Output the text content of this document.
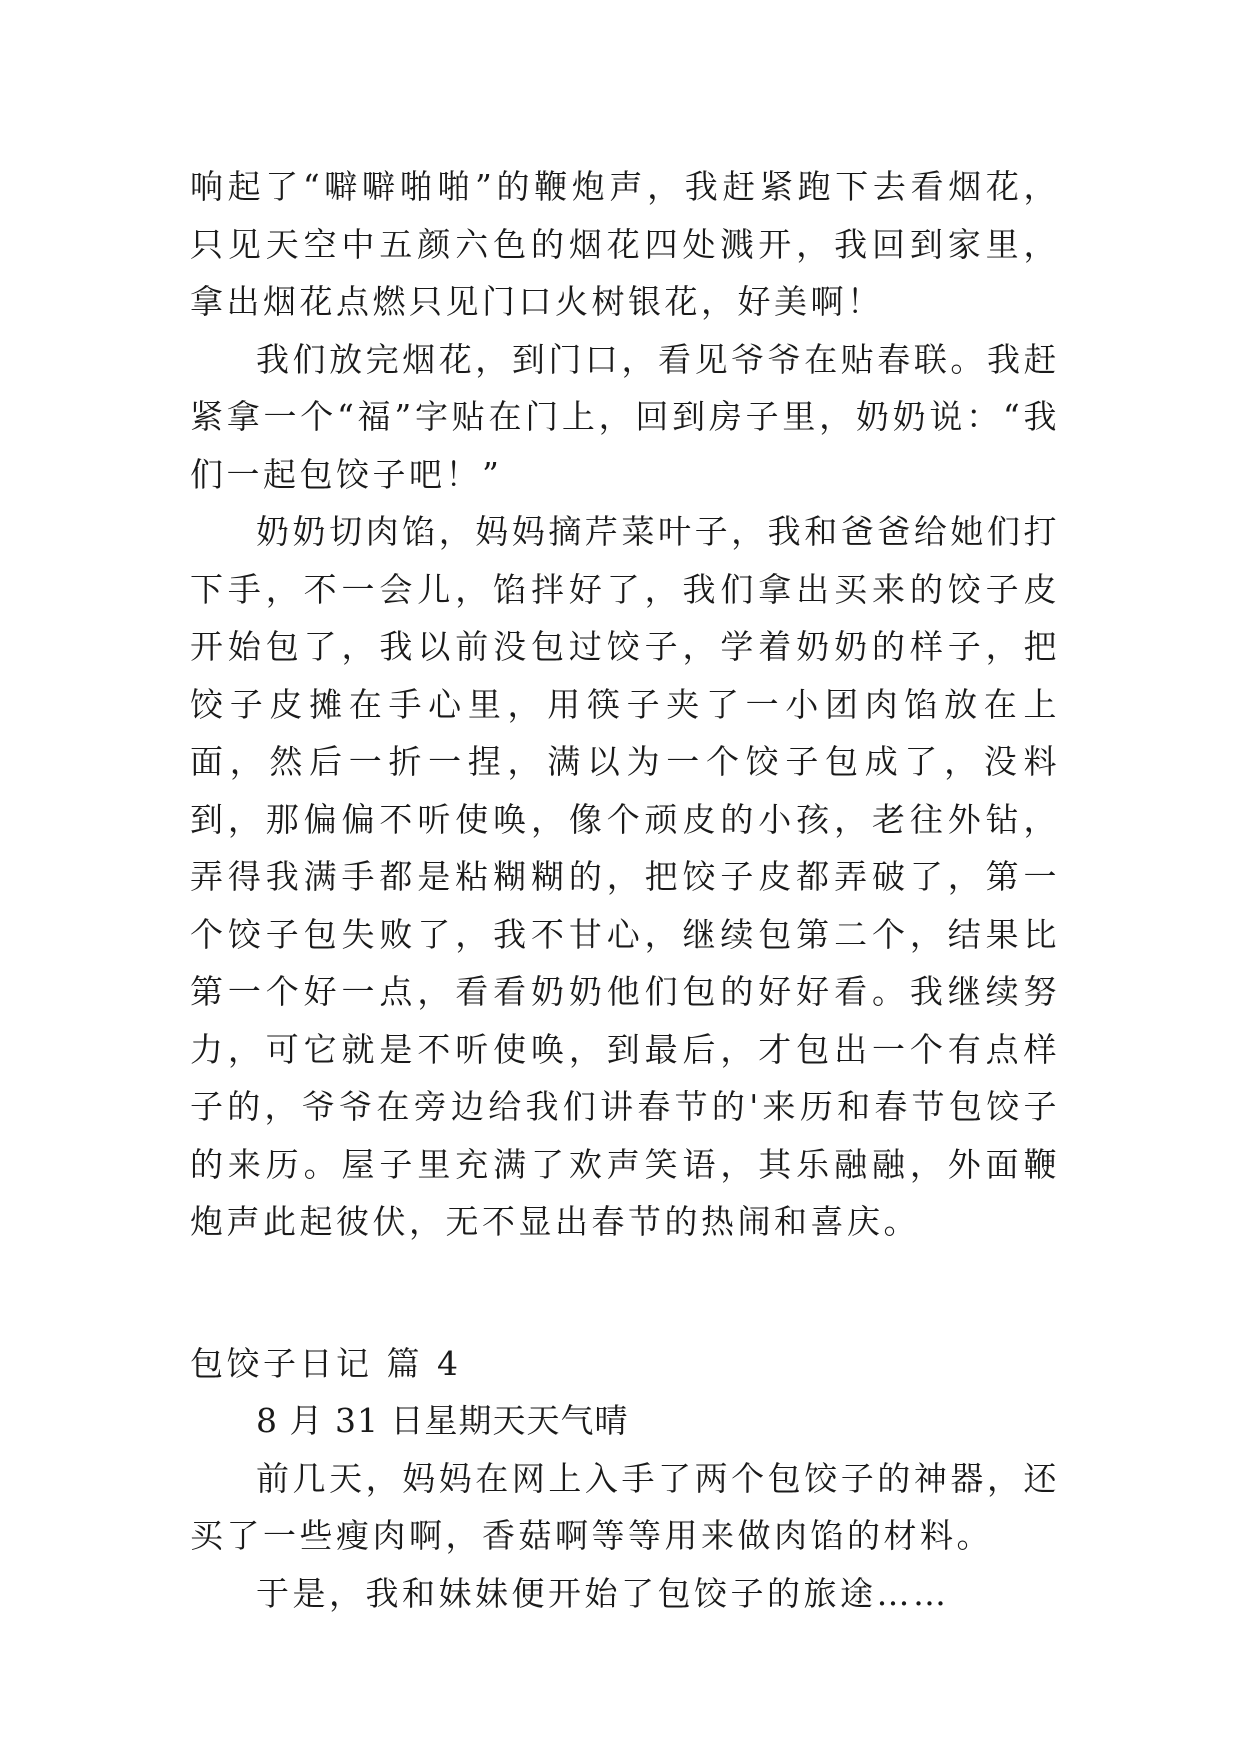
响起了“噼噼啪啪”的鞭炮声，我赶紧跑下去看烟花，只见天空中五颜六色的烟花四处溅开，我回到家里，拿出烟花点燃只见门口火树银花，好美啊！

我们放完烟花，到门口，看见爷爷在贴春联。我赶紧拿一个“福”字贴在门上，回到房子里，奶奶说：“我们一起包饺子吧！”

奶奶切肉馅，妈妈摘芹菜叶子，我和爸爸给她们打下手，不一会儿，馅拌好了，我们拿出买来的饺子皮开始包了，我以前没包过饺子，学着奶奶的样子，把饺子皮摊在手心里，用筷子夹了一小团肉馅放在上面，然后一折一捏，满以为一个饺子包成了，没料到，那偏偏不听使唤，像个顽皮的小孩，老往外钻，弄得我满手都是粘糊糊的，把饺子皮都弄破了，第一个饺子包失败了，我不甘心，继续包第二个，结果比第一个好一点，看看奶奶他们包的好好看。我继续努力，可它就是不听使唤，到最后，才包出一个有点样子的，爷爷在旁边给我们讲春节的'来历和春节包饺子的来历。屋子里充满了欢声笑语，其乐融融，外面鞭炮声此起彼伏，无不显出春节的热闹和喜庆。

包饺子日记 篇 4

8 月 31 日星期天天气晴

前几天，妈妈在网上入手了两个包饺子的神器，还买了一些瘦肉啊，香菇啊等等用来做肉馅的材料。

于是，我和妹妹便开始了包饺子的旅途……
